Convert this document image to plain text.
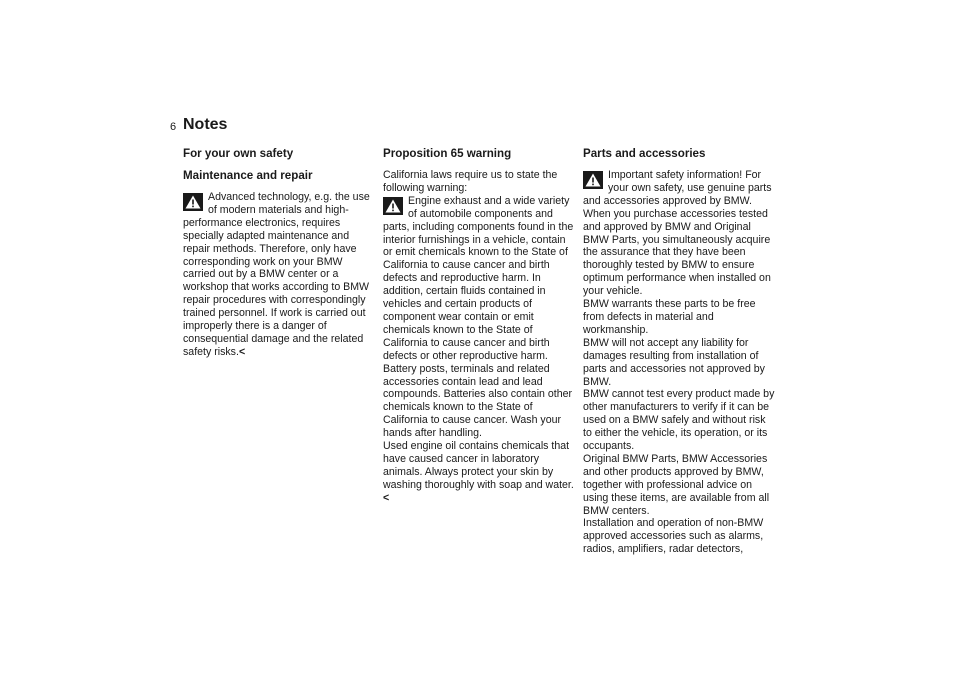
6 Notes
For your own safety
Maintenance and repair
Advanced technology, e.g. the use of modern materials and high-performance electronics, requires specially adapted maintenance and repair methods. Therefore, only have corresponding work on your BMW carried out by a BMW center or a workshop that works according to BMW repair procedures with correspondingly trained personnel. If work is carried out improperly there is a danger of consequential damage and the related safety risks.<
Proposition 65 warning

California laws require us to state the following warning:

Engine exhaust and a wide variety of automobile components and parts, including components found in the interior furnishings in a vehicle, contain or emit chemicals known to the State of California to cause cancer and birth defects and reproductive harm. In addition, certain fluids contained in vehicles and certain products of component wear contain or emit chemicals known to the State of California to cause cancer and birth defects or other reproductive harm.

Battery posts, terminals and related accessories contain lead and lead compounds. Batteries also contain other chemicals known to the State of California to cause cancer. Wash your hands after handling.

Used engine oil contains chemicals that have caused cancer in laboratory animals. Always protect your skin by washing thoroughly with soap and water.<

Parts and accessories
Important safety information! For your own safety, use genuine parts and accessories approved by BMW.

When you purchase accessories tested and approved by BMW and Original BMW Parts, you simultaneously acquire the assurance that they have been thoroughly tested by BMW to ensure optimum performance when installed on your vehicle.

BMW warrants these parts to be free from defects in material and workmanship.

BMW will not accept any liability for damages resulting from installation of parts and accessories not approved by BMW.

BMW cannot test every product made by other manufacturers to verify if it can be used on a BMW safely and without risk to either the vehicle, its operation, or its occupants.

Original BMW Parts, BMW Accessories and other products approved by BMW, together with professional advice on using these items, are available from all BMW centers.

Installation and operation of non-BMW approved accessories such as alarms, radios, amplifiers, radar detectors,
